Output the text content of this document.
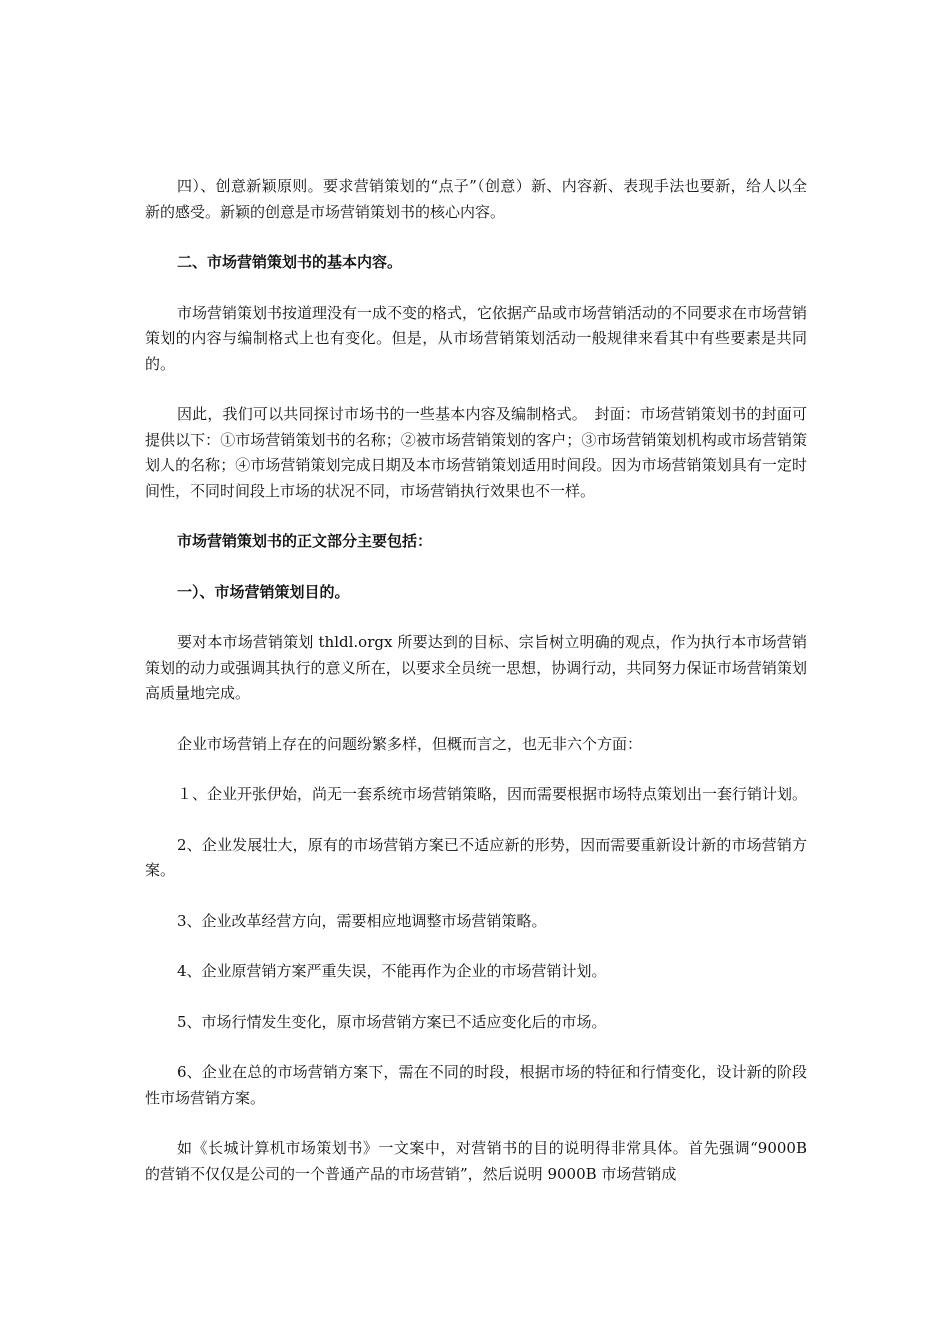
四）、创意新颖原则。要求营销策划的“点子”（创意）新、内容新、表现手法也要新，给人以全新的感受。新颖的创意是市场营销策划书的核心内容。

二、市场营销策划书的基本内容。

市场营销策划书按道理没有一成不变的格式，它依据产品或市场营销活动的不同要求在市场营销策划的内容与编制格式上也有变化。但是，从市场营销策划活动一般规律来看其中有些要素是共同的。

因此，我们可以共同探讨市场书的一些基本内容及编制格式。　封面：市场营销策划书的封面可提供以下：①市场营销策划书的名称；②被市场营销策划的客户；③市场营销策划机构或市场营销策划人的名称；④市场营销策划完成日期及本市场营销策划适用时间段。因为市场营销策划具有一定时间性，不同时间段上市场的状况不同，市场营销执行效果也不一样。

市场营销策划书的正文部分主要包括：

一）、市场营销策划目的。

要对本市场营销策划 thldl.orgx 所要达到的目标、宗旨树立明确的观点，作为执行本市场营销策划的动力或强调其执行的意义所在，以要求全员统一思想，协调行动，共同努力保证市场营销策划高质量地完成。

企业市场营销上存在的问题纷繁多样，但概而言之，也无非六个方面：

１、企业开张伊始，尚无一套系统市场营销策略，因而需要根据市场特点策划出一套行销计划。

2、企业发展壮大，原有的市场营销方案已不适应新的形势，因而需要重新设计新的市场营销方案。

3、企业改革经营方向，需要相应地调整市场营销策略。

4、企业原营销方案严重失误，不能再作为企业的市场营销计划。

5、市场行情发生变化，原市场营销方案已不适应变化后的市场。

6、企业在总的市场营销方案下，需在不同的时段，根据市场的特征和行情变化，设计新的阶段性市场营销方案。

如《长城计算机市场策划书》一文案中，对营销书的目的说明得非常具体。首先强调“9000B 的营销不仅仅是公司的一个普通产品的市场营销”，然后说明 9000B 市场营销成
